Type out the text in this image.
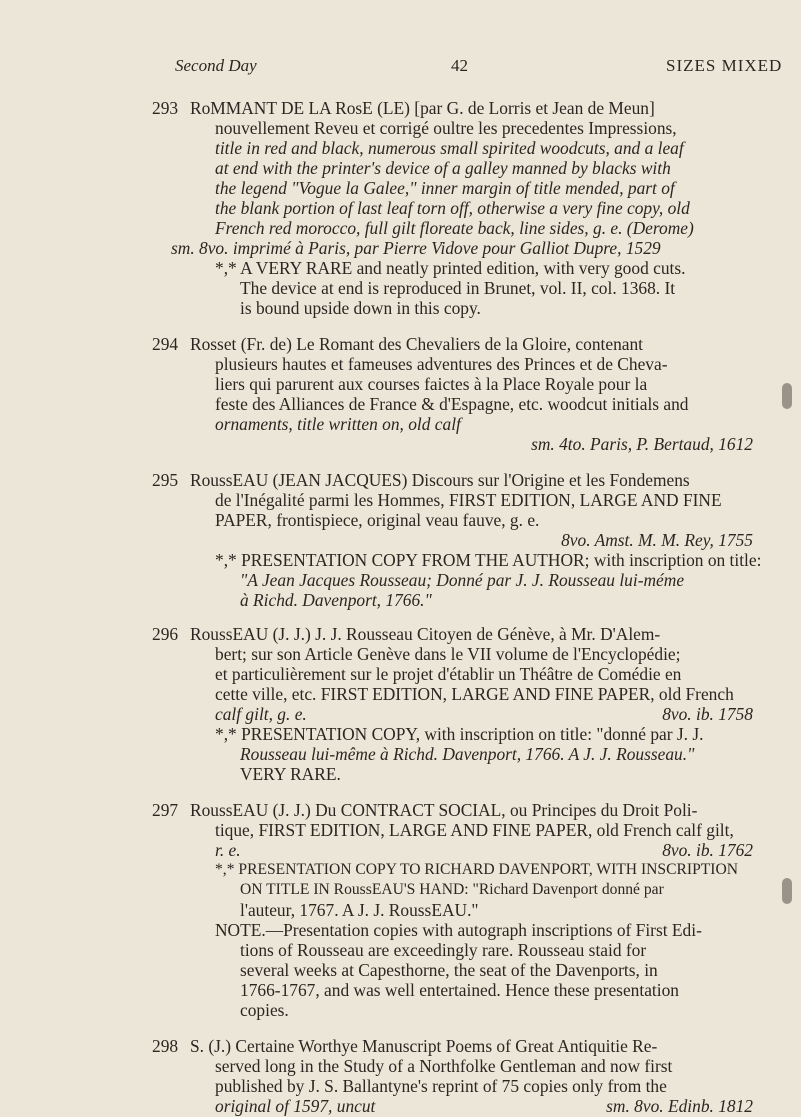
Second Day	42	SIZES MIXED
293 RoMMANT DE LA RosE (LE) [par G. de Lorris et Jean de Meun]
nouvellement Reveu et corrigé oultre les precedentes Impressions,
title in red and black, numerous small spirited woodcuts, and a leaf
at end with the printer's device of a galley manned by blacks with
the legend "Vogue la Galee," inner margin of title mended, part of
the blank portion of last leaf torn off, otherwise a very fine copy, old
French red morocco, full gilt floreate back, line sides, g. e. (Derome)
sm. 8vo. imprimé à Paris, par Pierre Vidove pour Galliot Dupre, 1529
*,* A VERY RARE and neatly printed edition, with very good cuts.
The device at end is reproduced in Brunet, vol. II, col. 1368. It
is bound upside down in this copy.
294 Rosset (Fr. de) Le Romant des Chevaliers de la Gloire, contenant
plusieurs hautes et fameuses adventures des Princes et de Cheva-
liers qui parurent aux courses faictes à la Place Royale pour la
feste des Alliances de France & d'Espagne, etc. woodcut initials and
ornaments, title written on, old calf
sm. 4to. Paris, P. Bertaud, 1612
295 RoussEAU (JEAN JACQUES) Discours sur l'Origine et les Fondemens
de l'Inégalité parmi les Hommes, FIRST EDITION, LARGE AND FINE
PAPER, frontispiece, original veau fauve, g. e.
8vo. Amst. M. M. Rey, 1755
*,* PRESENTATION COPY FROM THE AUTHOR; with inscription on title:
"A Jean Jacques Rousseau; Donné par J. J. Rousseau lui-méme
à Richd. Davenport, 1766."
296 RoussEAU (J. J.) J. J. Rousseau Citoyen de Génève, à Mr. D'Alem-
bert; sur son Article Genève dans le VII volume de l'Encyclopédie;
et particulièrement sur le projet d'établir un Théâtre de Comédie en
cette ville, etc. FIRST EDITION, LARGE AND FINE PAPER, old French
calf gilt, g. e.	8vo. ib. 1758
*,* PRESENTATION COPY, with inscription on title: "donné par J. J.
Rousseau lui-même à Richd. Davenport, 1766. A J. J. Rousseau."
VERY RARE.
297 RoussEAU (J. J.) Du CONTRACT SOCIAL, ou Principes du Droit Poli-
tique, FIRST EDITION, LARGE AND FINE PAPER, old French calf gilt,
r. e.	8vo. ib. 1762
*,* PRESENTATION COPY TO RICHARD DAVENPORT, WITH INSCRIPTION
ON TITLE IN RoussEAU'S HAND: "Richard Davenport donné par
l'auteur, 1767. A J. J. RoussEAU."
NOTE.—Presentation copies with autograph inscriptions of First Edi-
tions of Rousseau are exceedingly rare. Rousseau staid for
several weeks at Capesthorne, the seat of the Davenports, in
1766-1767, and was well entertained. Hence these presentation
copies.
298 S. (J.) Certaine Worthye Manuscript Poems of Great Antiquitie Re-
served long in the Study of a Northfolke Gentleman and now first
published by J. S. Ballantyne's reprint of 75 copies only from the
original of 1597, uncut	sm. 8vo. Edinb. 1812
